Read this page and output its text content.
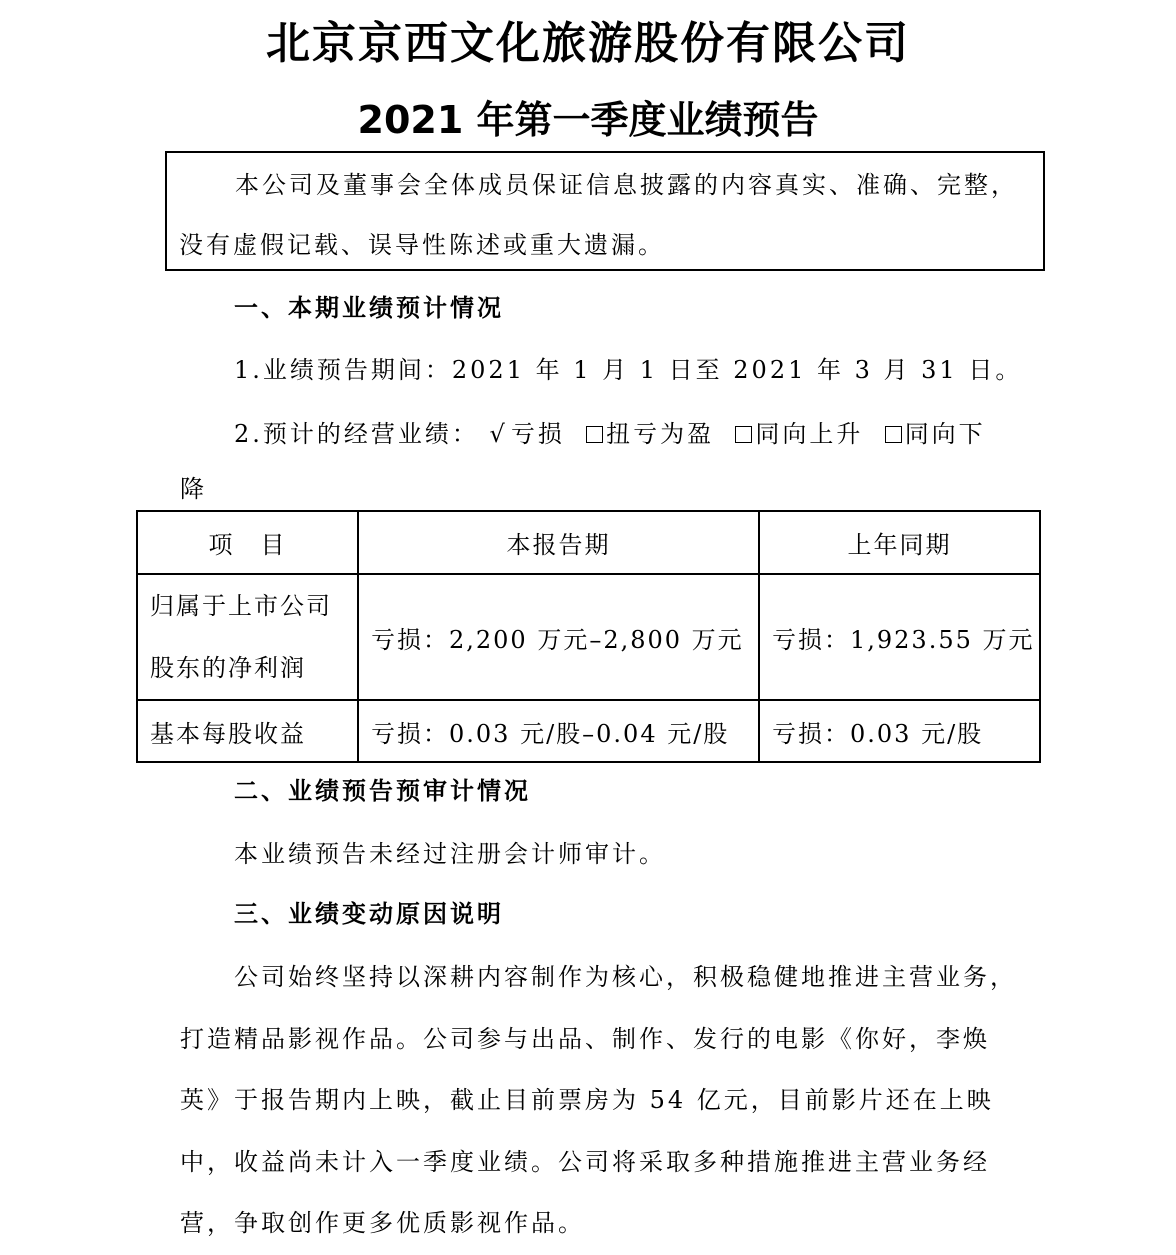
北京京西文化旅游股份有限公司
2021 年第一季度业绩预告
本公司及董事会全体成员保证信息披露的内容真实、准确、完整，
没有虚假记载、误导性陈述或重大遗漏。
一、本期业绩预计情况
1.业绩预告期间：2021 年 1 月 1 日至 2021 年 3 月 31 日。
2.预计的经营业绩： √ 亏损 扭亏为盈 同向上升 同向下
降
项　目	本报告期	上年同期

归属于上市公司
股东的净利润	亏损：2,200 万元–2,800 万元	亏损：1,923.55 万元
基本每股收益	亏损：0.03 元/股–0.04 元/股	亏损：0.03 元/股
二、业绩预告预审计情况
本业绩预告未经过注册会计师审计。
三、业绩变动原因说明
公司始终坚持以深耕内容制作为核心，积极稳健地推进主营业务，
打造精品影视作品。公司参与出品、制作、发行的电影《你好，李焕
英》于报告期内上映，截止目前票房为 54 亿元，目前影片还在上映
中，收益尚未计入一季度业绩。公司将采取多种措施推进主营业务经
营，争取创作更多优质影视作品。
